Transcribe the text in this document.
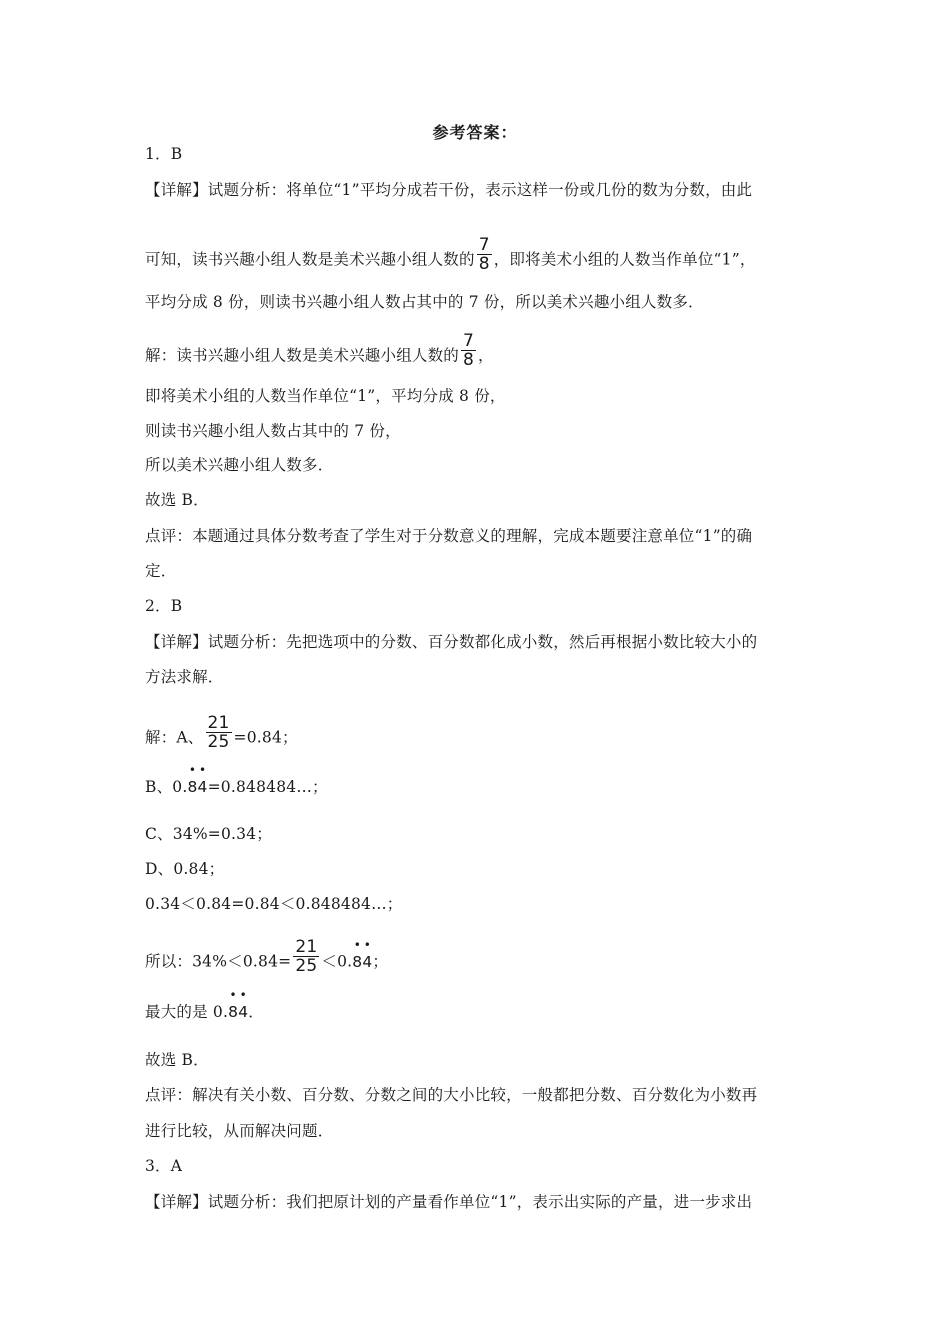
参考答案：
1．B
【详解】试题分析：将单位“1”平均分成若干份，表示这样一份或几份的数为分数，由此
可知，读书兴趣小组人数是美术兴趣小组人数的 $\frac{7}{8}$ ，即将美术小组的人数当作单位“1”，
平均分成 8 份，则读书兴趣小组人数占其中的 7 份，所以美术兴趣小组人数多．
解：读书兴趣小组人数是美术兴趣小组人数的 $\frac{7}{8}$ ，
即将美术小组的人数当作单位“1”，平均分成 8 份，
则读书兴趣小组人数占其中的 7 份，
所以美术兴趣小组人数多．
故选 B．
点评：本题通过具体分数考查了学生对于分数意义的理解，完成本题要注意单位“1”的确
定．
2．B
【详解】试题分析：先把选项中的分数、百分数都化成小数，然后再根据小数比较大小的
方法求解．
解：A、 $\frac{21}{25} =0.84$；
B、0.
•
8
•
4=0.848484…；
C、34%=0.34；
D、0.84；
0.34＜0.84=0.84＜0.848484…；
所以：$34\%<0.84= \frac{21}{25} <0$.
•
8
•
4；
最大的是 0.
•
8
•
4．
故选 B．
点评：解决有关小数、百分数、分数之间的大小比较，一般都把分数、百分数化为小数再
进行比较，从而解决问题．
3．A
【详解】试题分析：我们把原计划的产量看作单位“1”，表示出实际的产量，进一步求出
